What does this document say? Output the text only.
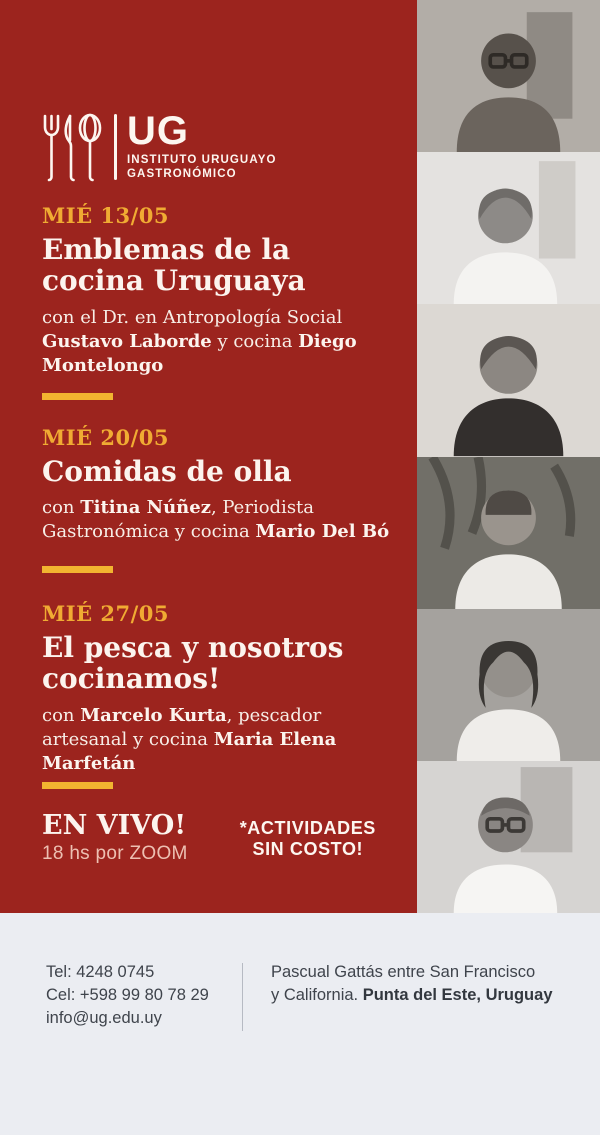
UG
INSTITUTO URUGUAYO
GASTRONÓMICO
MIÉ 13/05
Emblemas de la cocina Uruguaya

con el Dr. en Antropología Social Gustavo Laborde y cocina Diego Montelongo

MIÉ 20/05
Comidas de olla

con Titina Núñez, Periodista Gastronómica y cocina Mario Del Bó

MIÉ 27/05
El pesca y nosotros cocinamos!

con Marcelo Kurta, pescador artesanal y cocina Maria Elena Marfetán

EN VIVO!
18 hs por ZOOM
*ACTIVIDADES
SIN COSTO!
Tel: 4248 0745
Cel: +598 99 80 78 29
info@ug.edu.uy
Pascual Gattás entre San Francisco
y California. Punta del Este, Uruguay
